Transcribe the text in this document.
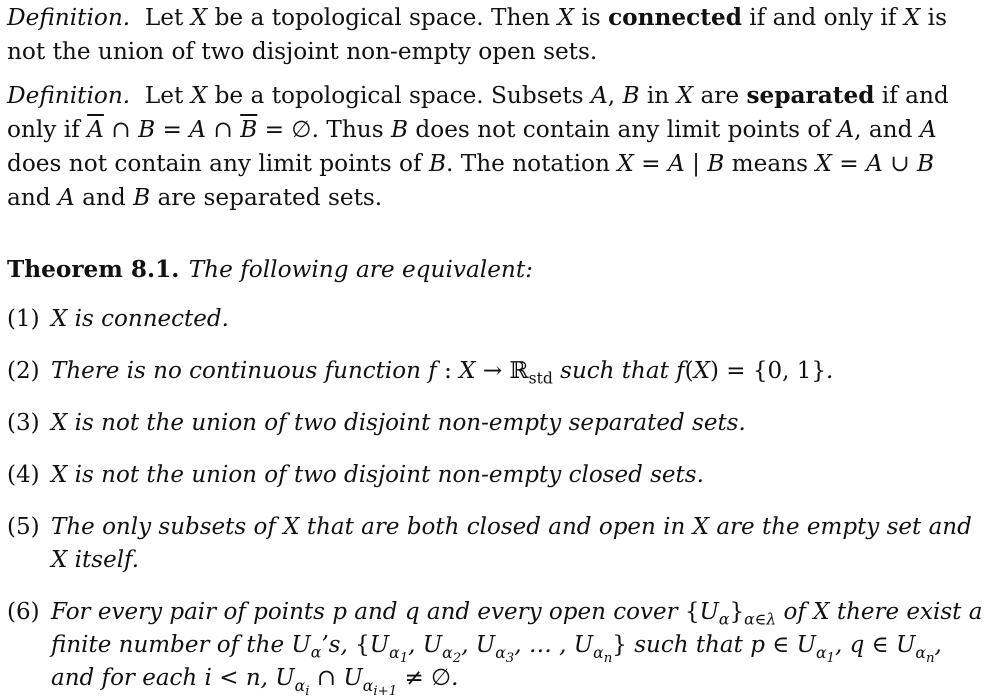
Definition.  Let X be a topological space. Then X is connected if and only if X is not the union of two disjoint non-empty open sets.

Definition.  Let X be a topological space. Subsets A, B in X are separated if and only if $\overline{A}$ ∩ B = A ∩ $\overline{B}$ = ∅. Thus B does not contain any limit points of A, and A does not contain any limit points of B. The notation X = A | B means X = A ∪ B and A and B are separated sets.

Theorem 8.1. The following are equivalent:
(1) X is connected.
(2) There is no continuous function f : X → ℝ$_{std}$ such that f(X) = {0, 1}.
(3) X is not the union of two disjoint non-empty separated sets.
(4) X is not the union of two disjoint non-empty closed sets.
(5) The only subsets of X that are both closed and open in X are the empty set and X itself.
(6) For every pair of points p and q and every open cover $\{U_\alpha\}_{\alpha\in\lambda}$ of X there exist a finite number of the $U_\alpha’s$, {$U_{\alpha_1}$, $U_{\alpha_2}$, $U_{\alpha_3}$, … , $U_{\alpha_n}$} such that p ∈ $U_{\alpha_1}$, q ∈ $U_{\alpha_n}$, and for each i < n, $U_{\alpha_i}$ ∩ $U_{\alpha_{i+1}}$ ≠ ∅.
